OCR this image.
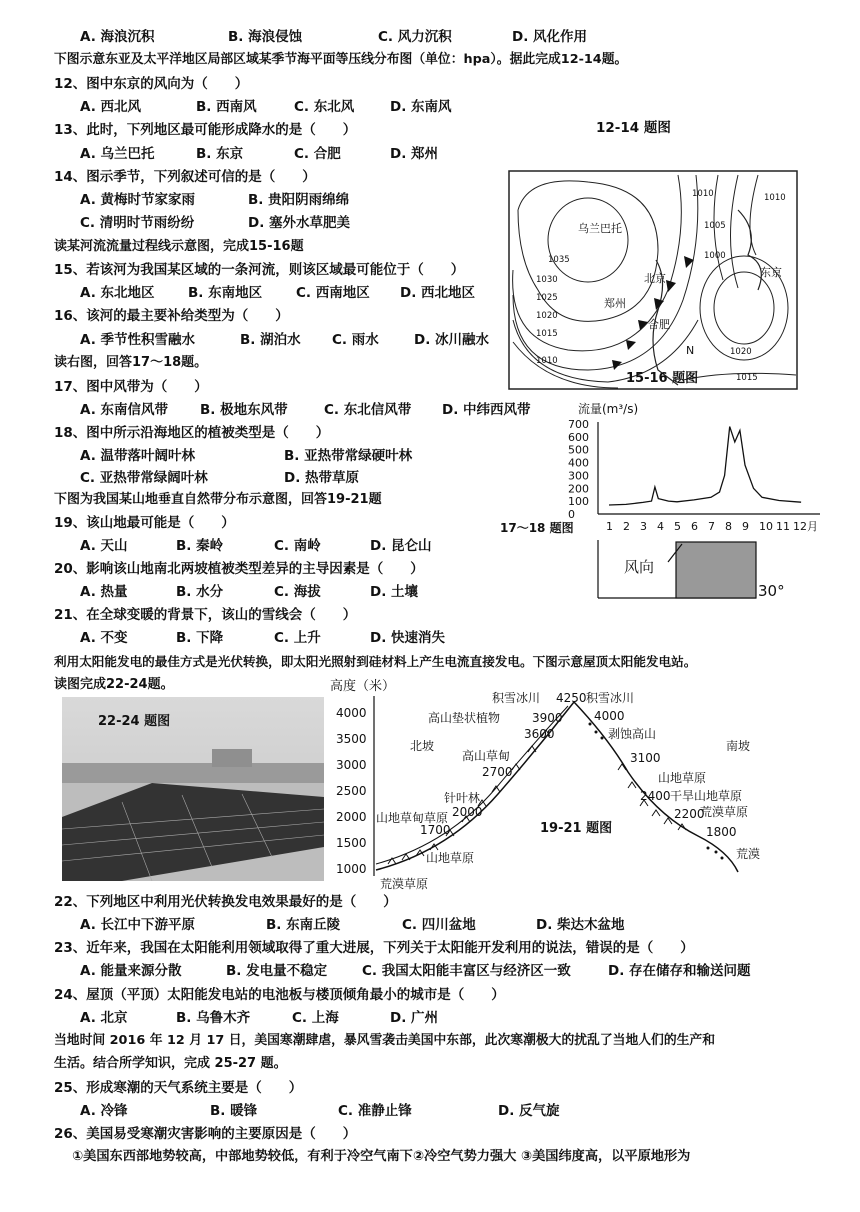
A. 海浪沉积	B. 海浪侵蚀	C. 风力沉积	D. 风化作用
下图示意东亚及太平洋地区局部区域某季节海平面等压线分布图（单位：hpa）。据此完成12-14题。
12、图中东京的风向为（　　）
A. 西北风	B. 西南风	C. 东北风	D. 东南风
13、此时，下列地区最可能形成降水的是（　　）
A. 乌兰巴托	B. 东京	C. 合肥	D. 郑州
14、图示季节，下列叙述可信的是（　　）
A. 黄梅时节家家雨	B. 贵阳阴雨绵绵
C. 清明时节雨纷纷	D. 塞外水草肥美
读某河流流量过程线示意图，完成15-16题
15、若该河为我国某区域的一条河流，则该区域最可能位于（　　）
A. 东北地区 B. 东南地区	C. 西南地区 D. 西北地区
16、该河的最主要补给类型为（　　）
A. 季节性积雪融水	B. 湖泊水 C. 雨水	D. 冰川融水
读右图，回答17～18题。
17、图中风带为（　　）
A. 东南信风带 B. 极地东风带	C. 东北信风带 D. 中纬西风带
18、图中所示沿海地区的植被类型是（　　）
A. 温带落叶阔叶林	B. 亚热带常绿硬叶林
C. 亚热带常绿阔叶林	D. 热带草原
下图为我国某山地垂直自然带分布示意图，回答19-21题
19、该山地最可能是（　　）
A. 天山	B. 秦岭	C. 南岭	D. 昆仑山
20、影响该山地南北两坡植被类型差异的主导因素是（　　）
A. 热量	B. 水分	C. 海拔	D. 土壤
21、在全球变暖的背景下，该山的雪线会（　　）
A. 不变	B. 下降	C. 上升	D. 快速消失
利用太阳能发电的最佳方式是光伏转换，即太阳光照射到硅材料上产生电流直接发电。下图示意屋顶太阳能发电站。
读图完成22-24题。
22、下列地区中利用光伏转换发电效果最好的是（　　）
A. 长江中下游平原	B. 东南丘陵	C. 四川盆地	D. 柴达木盆地
23、近年来，我国在太阳能利用领域取得了重大进展，下列关于太阳能开发利用的说法，错误的是（　　）
A. 能量来源分散	B. 发电量不稳定	C. 我国太阳能丰富区与经济区一致	D. 存在储存和输送问题
24、屋顶（平顶）太阳能发电站的电池板与楼顶倾角最小的城市是（　　）
A. 北京	B. 乌鲁木齐	C. 上海	D. 广州
当地时间 2016 年 12 月 17 日，美国寒潮肆虐，暴风雪袭击美国中东部，此次寒潮极大的扰乱了当地人们的生产和
生活。结合所学知识，完成 25-27 题。
25、形成寒潮的天气系统主要是（　　）
A. 冷锋	B. 暖锋	C. 准静止锋	D. 反气旋
26、美国易受寒潮灾害影响的主要原因是（　　）
①美国东西部地势较高，中部地势较低，有利于冷空气南下②冷空气势力强大 ③美国纬度高，以平原地形为
12-14 题图
乌兰巴托
北京
郑州
合肥
东京
N
1010
1005
1000
1010
1035
1030
1025
1020
1015
1010
1020
1015
15-16 题图
流量(m³/s)
700
600
500
400
300
200
100
0
1 2 3 4 5 6 7 8 9 10 11 12月
17～18 题图
风向
30°
22-24 题图
高度（米）
4000
3500
3000
2500
2000
1500
1000
积雪冰川 4250 积雪冰川
高山垫状植物	3900	4000
剥蚀高山
3600
北坡	南坡
高山草甸	3100
2700	山地草原
针叶林	2400 干旱山地草原
2000	2200
荒漠草原
山地草甸草原
19-21 题图	1800
1700
山地草原	荒漠
荒漠草原
